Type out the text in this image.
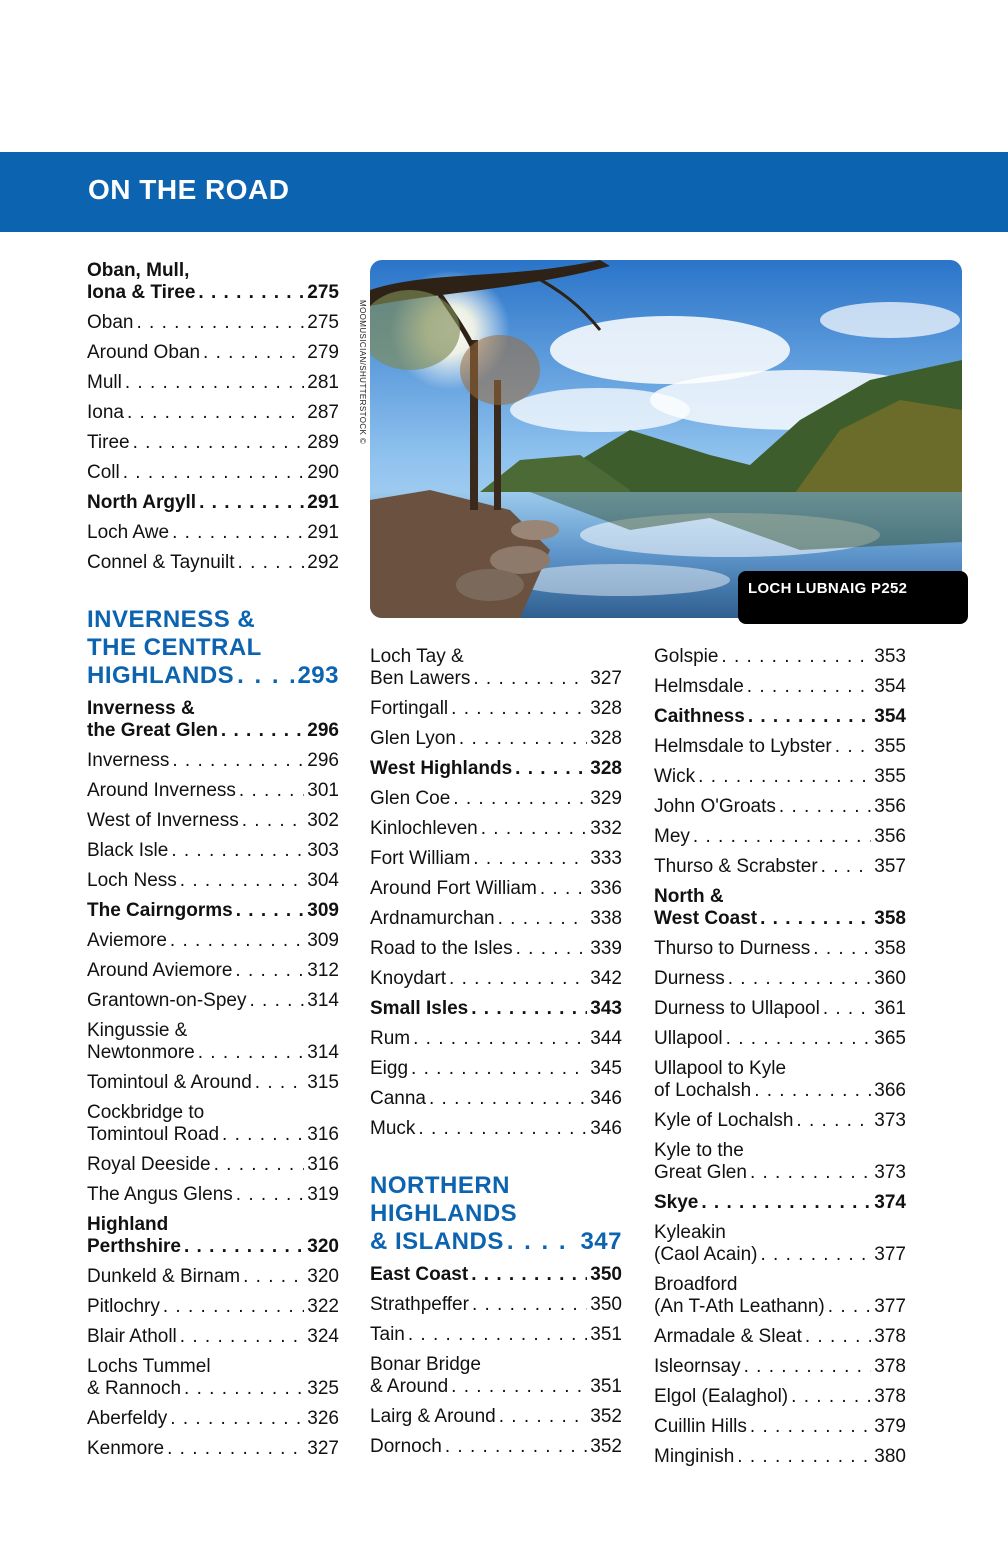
ON THE ROAD
Oban, Mull,
Iona & Tiree . . .	275
Oban . . .	275
Around Oban . . .	279
Mull . . .	281
Iona . . .	287
Tiree . . .	289
Coll . . .	290
North Argyll . . .	291
Loch Awe . . .	291
Connel & Taynuilt . . .	292
INVERNESS &
THE CENTRAL
HIGHLANDS . . .	293
Inverness &
the Great Glen . . .	296
Inverness . . .	296
Around Inverness . . .	301
West of Inverness . . .	302
Black Isle . . .	303
Loch Ness . . .	304
The Cairngorms . . .	309
Aviemore . . .	309
Around Aviemore . . .	312
Grantown-on-Spey . . .	314
Kingussie &
Newtonmore . . .	314
Tomintoul & Around . . .	315
Cockbridge to
Tomintoul Road . . .	316
Royal Deeside . . .	316
The Angus Glens . . .	319
Highland
Perthshire . . .	320
Dunkeld & Birnam . . .	320
Pitlochry . . .	322
Blair Atholl . . .	324
Lochs Tummel
& Rannoch . . .	325
Aberfeldy . . .	326
Kenmore . . .	327
MOOMUSICIAN/SHUTTERSTOCK ©
LOCH LUBNAIG P252
Loch Tay &
Ben Lawers . . .	327
Fortingall . . .	328
Glen Lyon . . .	328
West Highlands . . .	328
Glen Coe . . .	329
Kinlochleven . . .	332
Fort William . . .	333
Around Fort William . . .	336
Ardnamurchan . . .	338
Road to the Isles . . .	339
Knoydart . . .	342
Small Isles . . .	343
Rum . . .	344
Eigg . . .	345
Canna . . .	346
Muck . . .	346
NORTHERN
HIGHLANDS
& ISLANDS . . .	347
East Coast . . .	350
Strathpeffer . . .	350
Tain . . .	351
Bonar Bridge
& Around . . .	351
Lairg & Around . . .	352
Dornoch . . .	352
Golspie . . .	353
Helmsdale . . .	354
Caithness . . .	354
Helmsdale to Lybster . . . 355
Wick . . .	355
John O'Groats . . .	356
Mey . . .	356
Thurso & Scrabster . . .	357
North &
West Coast . . .	358
Thurso to Durness . . .	358
Durness . . .	360
Durness to Ullapool . . .	361
Ullapool . . .	365
Ullapool to Kyle
of Lochalsh . . .	366
Kyle of Lochalsh . . .	373
Kyle to the
Great Glen . . .	373
Skye . . .	374
Kyleakin
(Caol Acain) . . .	377
Broadford
(An T-Ath Leathann) . . .	377
Armadale & Sleat . . .	378
Isleornsay . . .	378
Elgol (Ealaghol) . . .	378
Cuillin Hills . . .	379
Minginish . . .	380
